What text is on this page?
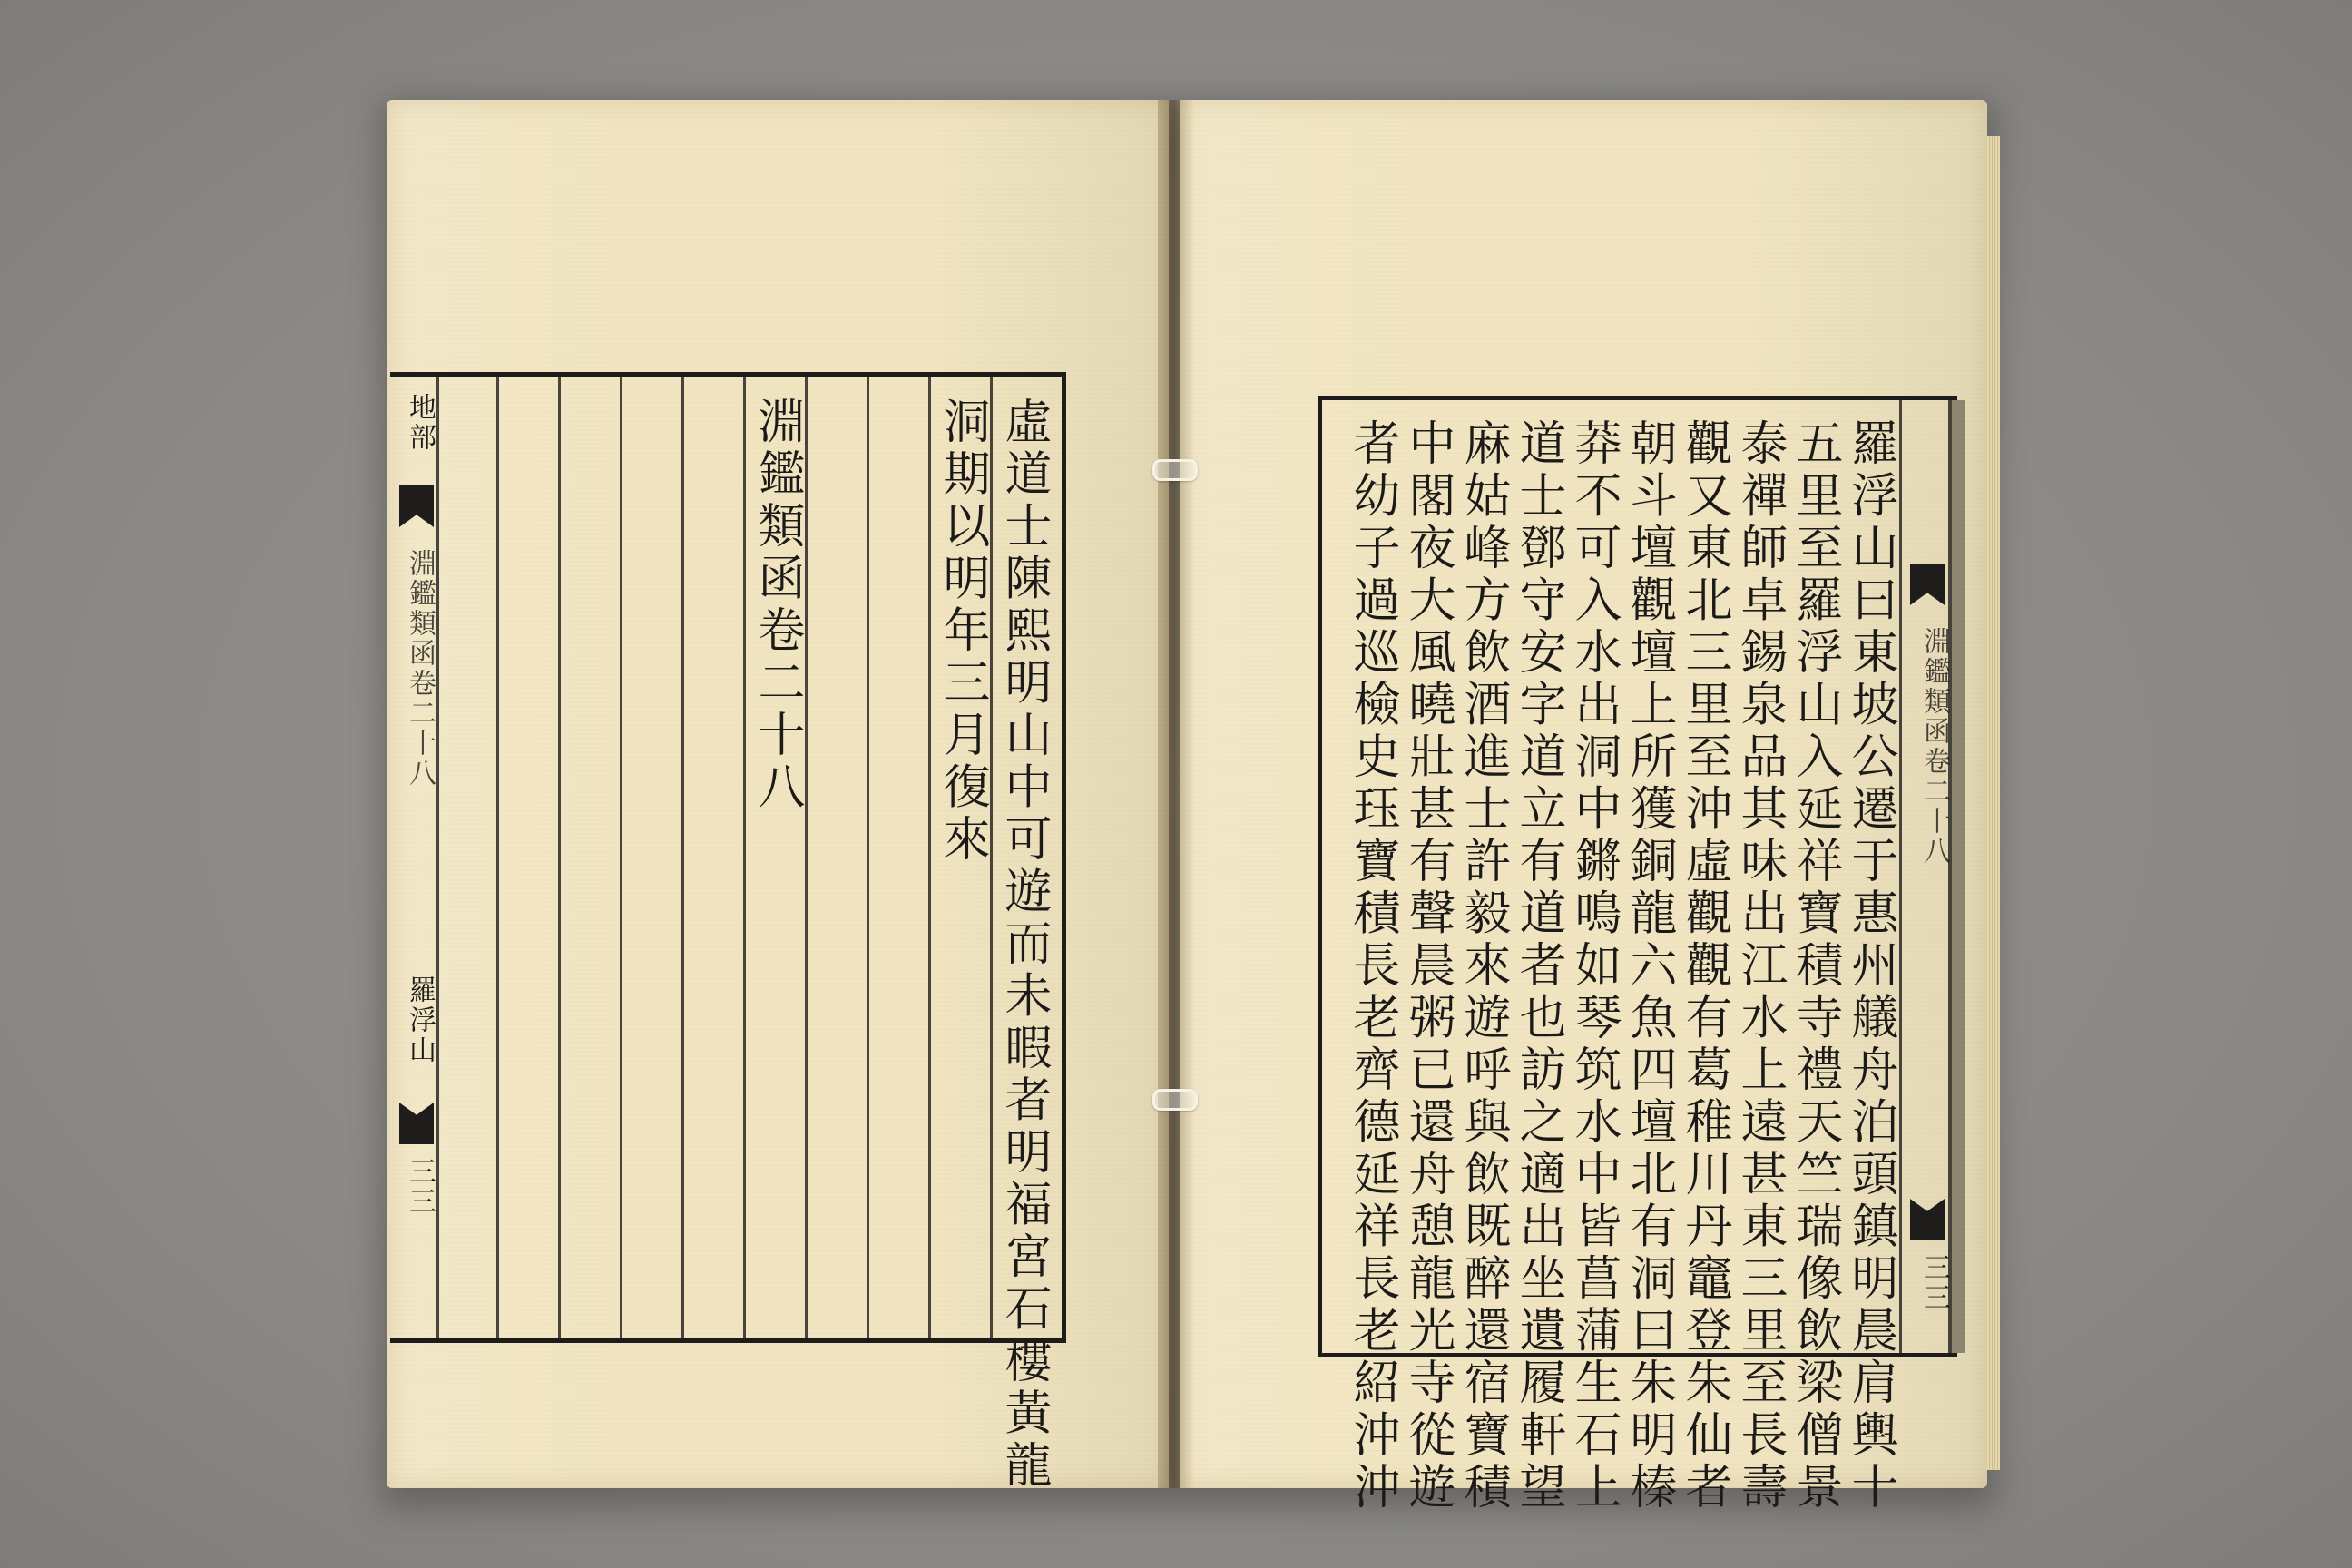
地部
淵鑑類函卷二十八
羅浮山
三三	虛道士陳熙明山中可遊而未暇者明福宮石樓黃龍
洞期以明年三月復來
淵鑑類函卷二十八	淵鑑類函卷二十八
三三
羅浮山曰東坡公遷于惠州艤舟泊頭鎮明晨肩輿十
五里至羅浮山入延祥寶積寺禮天竺瑞像飲梁僧景
泰禪師卓錫泉品其味出江水上遠甚東三里至長壽
觀又東北三里至沖虛觀觀有葛稚川丹竈登朱仙者
朝斗壇觀壇上所獲銅龍六魚四壇北有洞曰朱明榛
莽不可入水出洞中鏘鳴如琴筑水中皆菖蒲生石上
道士鄧守安字道立有道者也訪之適出坐遺履軒望
麻姑峰方飲酒進士許毅來遊呼與飲既醉還宿寶積
中閣夜大風曉壯甚有聲晨粥已還舟憩龍光寺從遊
者幼子過巡檢史珏寶積長老齊德延祥長老紹沖沖
